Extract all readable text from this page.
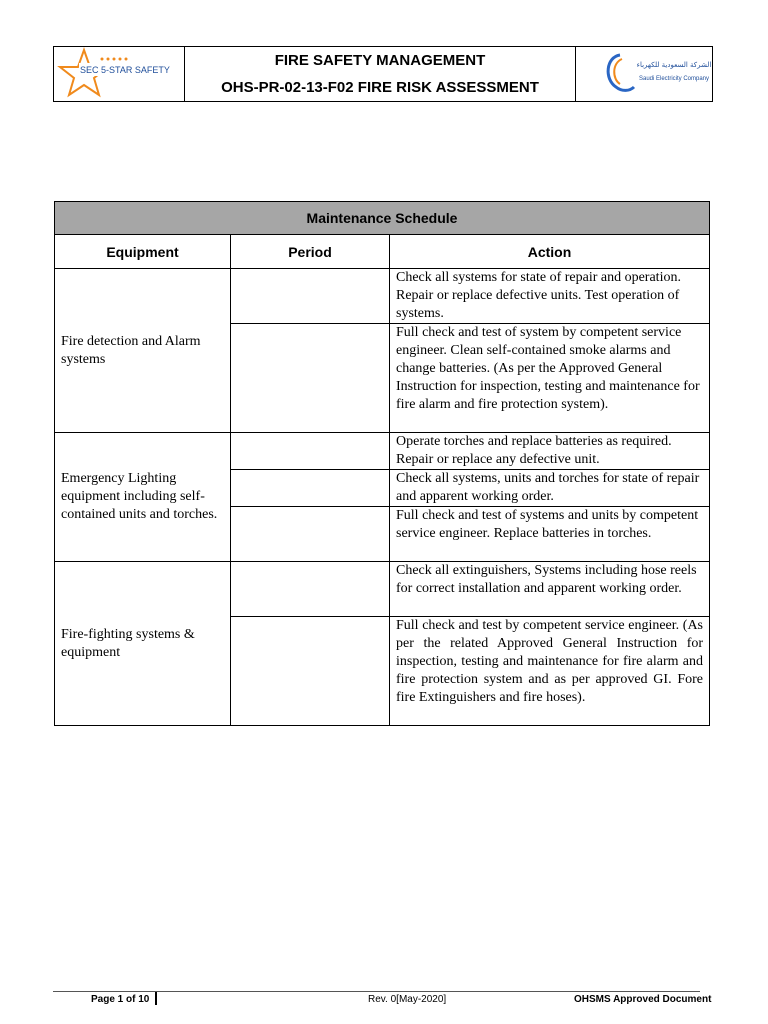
SEC 5-STAR SAFETY
FIRE SAFETY MANAGEMENT
OHS-PR-02-13-F02 FIRE RISK ASSESSMENT
الشركة السعودية للكهرباء
Saudi Electricity Company
Maintenance Schedule		
Equipment	Period	Action
Fire detection and Alarm systems		Check all systems for state of repair and operation. Repair or replace defective units. Test operation of systems.
		Full check and test of system by competent service engineer. Clean self-contained smoke alarms and change batteries. (As per the Approved General Instruction for inspection, testing and maintenance for fire alarm and fire protection system).
Emergency Lighting equipment including self-contained units and torches.		Operate torches and replace batteries as required. Repair or replace any defective unit.
		Check all systems, units and torches for state of repair and apparent working order.
		Full check and test of systems and units by competent service engineer. Replace batteries in torches.
Fire-fighting systems & equipment		Check all extinguishers, Systems including hose reels for correct installation and apparent working order.
		Full check and test by competent service engineer. (As per the related Approved General Instruction for inspection, testing and maintenance for fire alarm and fire protection system and as per approved GI. Fore fire Extinguishers and fire hoses).
Page 1 of 10	Rev. 0[May-2020]	OHSMS Approved Document
